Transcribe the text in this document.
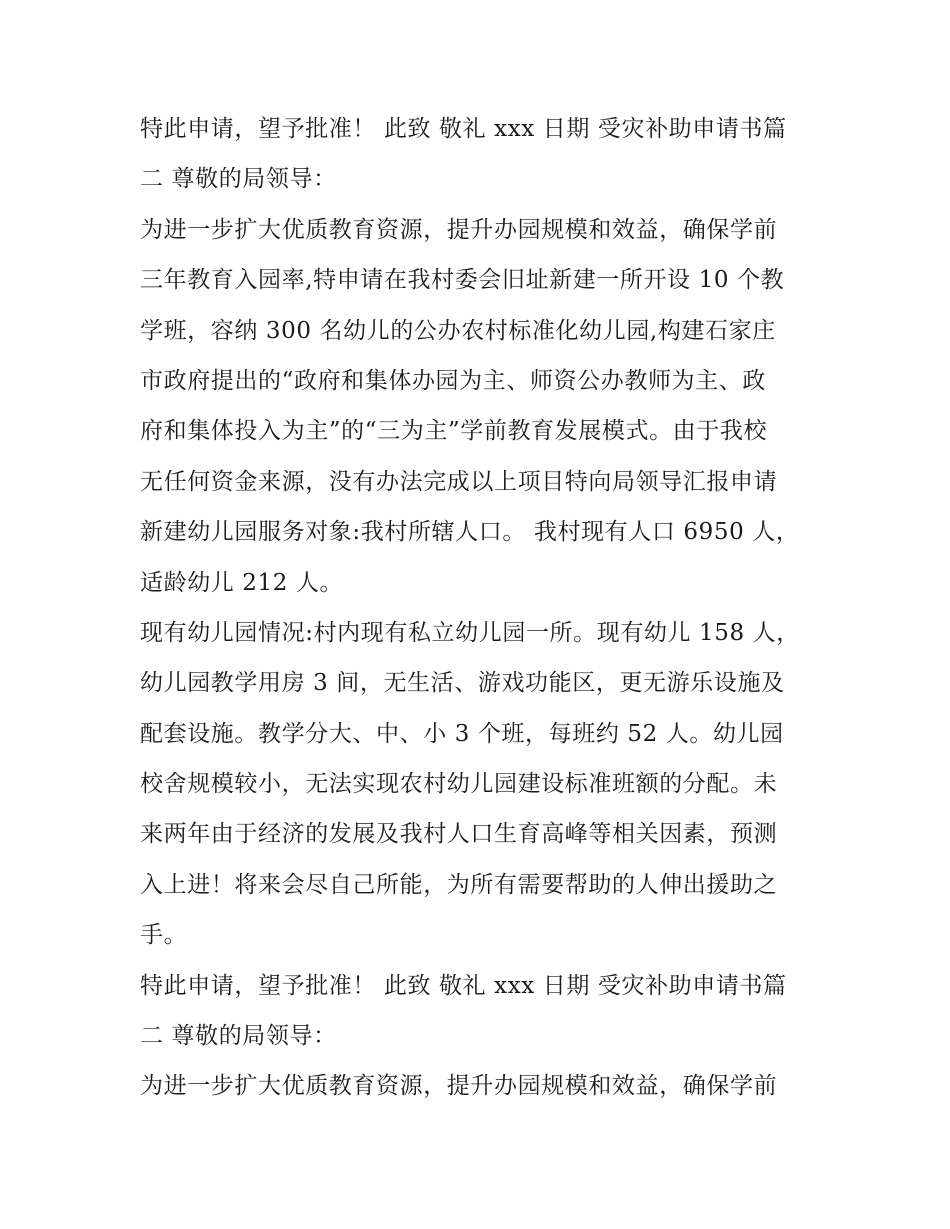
特此申请，望予批准！ 此致 敬礼 xxx 日期 受灾补助申请书篇
二 尊敬的局领导：
为进一步扩大优质教育资源，提升办园规模和效益，确保学前
三年教育入园率,特申请在我村委会旧址新建一所开设 10 个教
学班，容纳 300 名幼儿的公办农村标准化幼儿园,构建石家庄
市政府提出的“政府和集体办园为主、师资公办教师为主、政
府和集体投入为主”的“三为主”学前教育发展模式。由于我校
无任何资金来源，没有办法完成以上项目特向局领导汇报申请
新建幼儿园服务对象:我村所辖人口。 我村现有人口 6950 人，
适龄幼儿 212 人。
现有幼儿园情况:村内现有私立幼儿园一所。现有幼儿 158 人，
幼儿园教学用房 3 间，无生活、游戏功能区，更无游乐设施及
配套设施。教学分大、中、小 3 个班，每班约 52 人。幼儿园
校舍规模较小，无法实现农村幼儿园建设标准班额的分配。未
来两年由于经济的发展及我村人口生育高峰等相关因素，预测
入上进！将来会尽自己所能，为所有需要帮助的人伸出援助之
手。
特此申请，望予批准！ 此致 敬礼 xxx 日期 受灾补助申请书篇
二 尊敬的局领导：
为进一步扩大优质教育资源，提升办园规模和效益，确保学前
